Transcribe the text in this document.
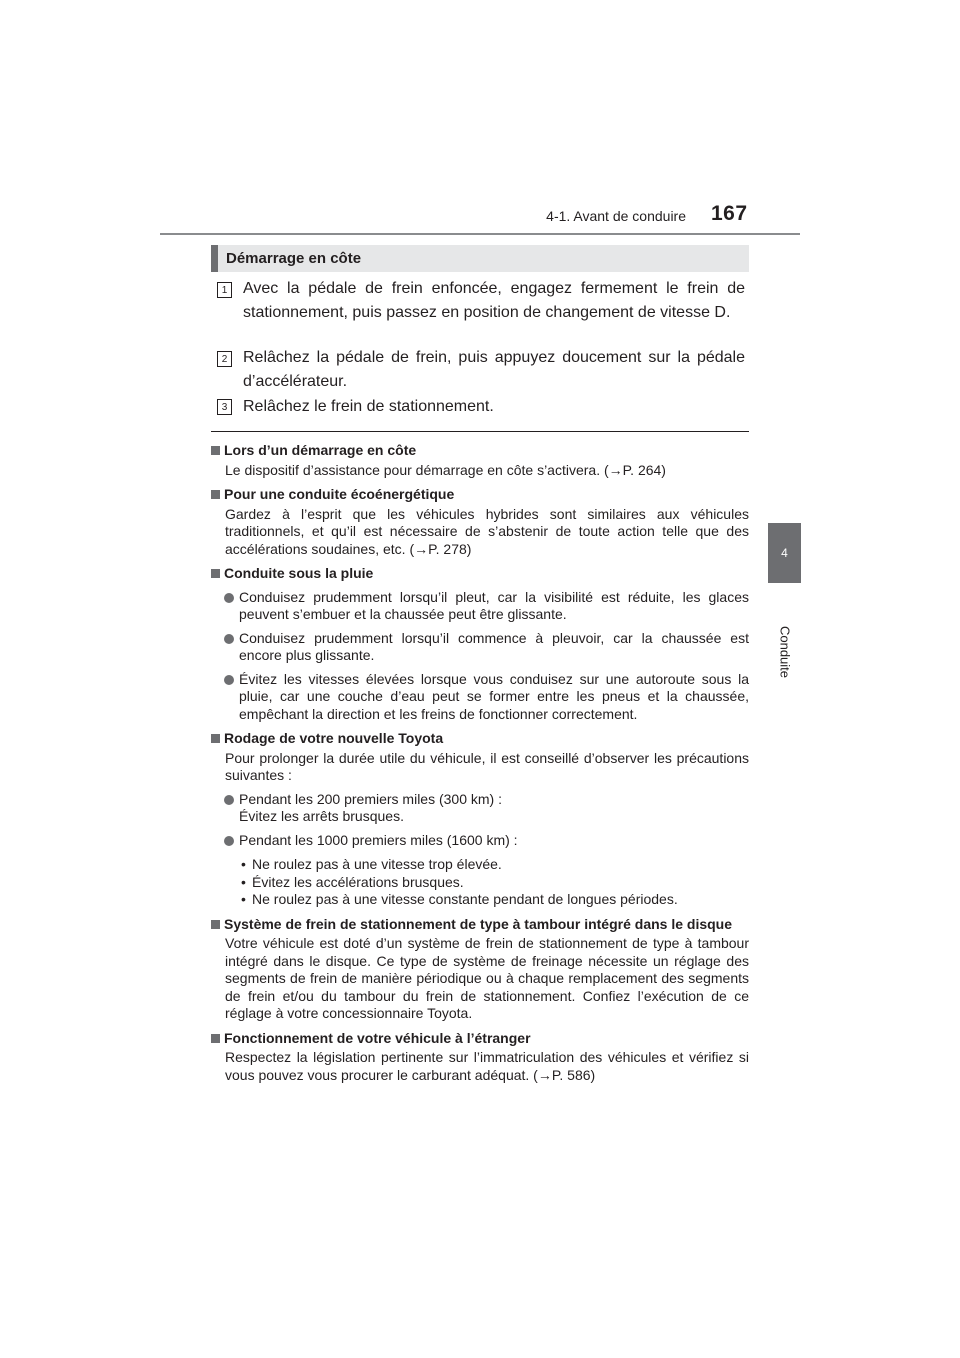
4-1. Avant de conduire 167
4
Conduite
Démarrage en côte
1 Avec la pédale de frein enfoncée, engagez fermement le frein de stationnement, puis passez en position de changement de vitesse D.
2 Relâchez la pédale de frein, puis appuyez doucement sur la pédale d’accélérateur.
3 Relâchez le frein de stationnement.
Lors d’un démarrage en côte
Le dispositif d’assistance pour démarrage en côte s’activera. (→P. 264)
Pour une conduite écoénergétique
Gardez à l’esprit que les véhicules hybrides sont similaires aux véhicules traditionnels, et qu’il est nécessaire de s’abstenir de toute action telle que des accélérations soudaines, etc. (→P. 278)
Conduite sous la pluie
Conduisez prudemment lorsqu’il pleut, car la visibilité est réduite, les glaces peuvent s’embuer et la chaussée peut être glissante.
Conduisez prudemment lorsqu’il commence à pleuvoir, car la chaussée est encore plus glissante.
Évitez les vitesses élevées lorsque vous conduisez sur une autoroute sous la pluie, car une couche d’eau peut se former entre les pneus et la chaussée, empêchant la direction et les freins de fonctionner correctement.
Rodage de votre nouvelle Toyota
Pour prolonger la durée utile du véhicule, il est conseillé d’observer les précautions suivantes :
Pendant les 200 premiers miles (300 km) :
Évitez les arrêts brusques.
Pendant les 1000 premiers miles (1600 km) :
• Ne roulez pas à une vitesse trop élevée.
• Évitez les accélérations brusques.
• Ne roulez pas à une vitesse constante pendant de longues périodes.
Système de frein de stationnement de type à tambour intégré dans le disque
Votre véhicule est doté d’un système de frein de stationnement de type à tambour intégré dans le disque. Ce type de système de freinage nécessite un réglage des segments de frein de manière périodique ou à chaque remplacement des segments de frein et/ou du tambour du frein de stationnement. Confiez l’exécution de ce réglage à votre concessionnaire Toyota.
Fonctionnement de votre véhicule à l’étranger
Respectez la législation pertinente sur l’immatriculation des véhicules et vérifiez si vous pouvez vous procurer le carburant adéquat. (→P. 586)
